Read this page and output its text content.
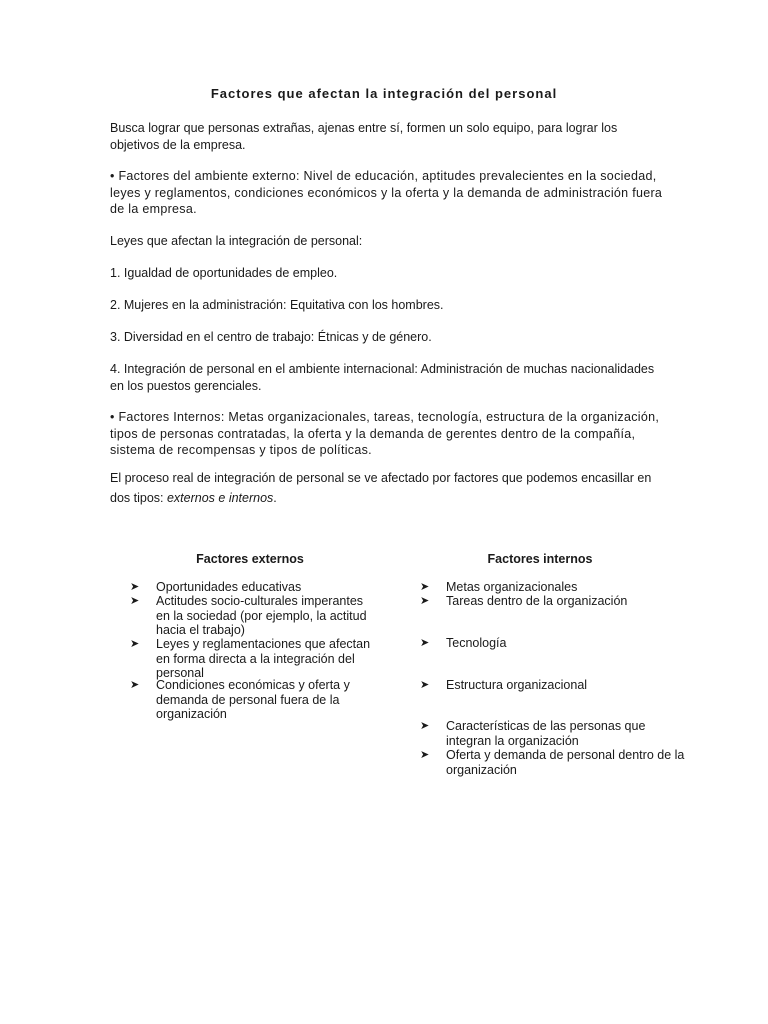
Factores que afectan la integración del personal

Busca lograr que personas extrañas, ajenas entre sí, formen un solo equipo, para lograr los objetivos de la empresa.

• Factores del ambiente externo: Nivel de educación, aptitudes prevalecientes en la sociedad, leyes y reglamentos, condiciones económicos y la oferta y la demanda de administración fuera de la empresa.

Leyes que afectan la integración de personal:

1. Igualdad de oportunidades de empleo.

2. Mujeres en la administración: Equitativa con los hombres.

3. Diversidad en el centro de trabajo: Étnicas y de género.

4. Integración de personal en el ambiente internacional: Administración de muchas nacionalidades en los puestos gerenciales.

• Factores Internos: Metas organizacionales, tareas, tecnología, estructura de la organización, tipos de personas contratadas, la oferta y la demanda de gerentes dentro de la compañía, sistema de recompensas y tipos de políticas.

El proceso real de integración de personal se ve afectado por factores que podemos encasillar en dos tipos: externos e internos.

Factores externos	Factores internos
➤	Oportunidades educativas
➤	Actitudes socio-culturales imperantes en la sociedad (por ejemplo, la actitud hacia el trabajo)
➤	Leyes y reglamentaciones que afectan en forma directa a la integración del personal
➤	Condiciones económicas y oferta y demanda de personal fuera de la organización
➤	Metas organizacionales
➤	Tareas dentro de la organización
➤	Tecnología
➤	Estructura organizacional
➤	Características de las personas que integran la organización
➤	Oferta y demanda de personal dentro de la organización
